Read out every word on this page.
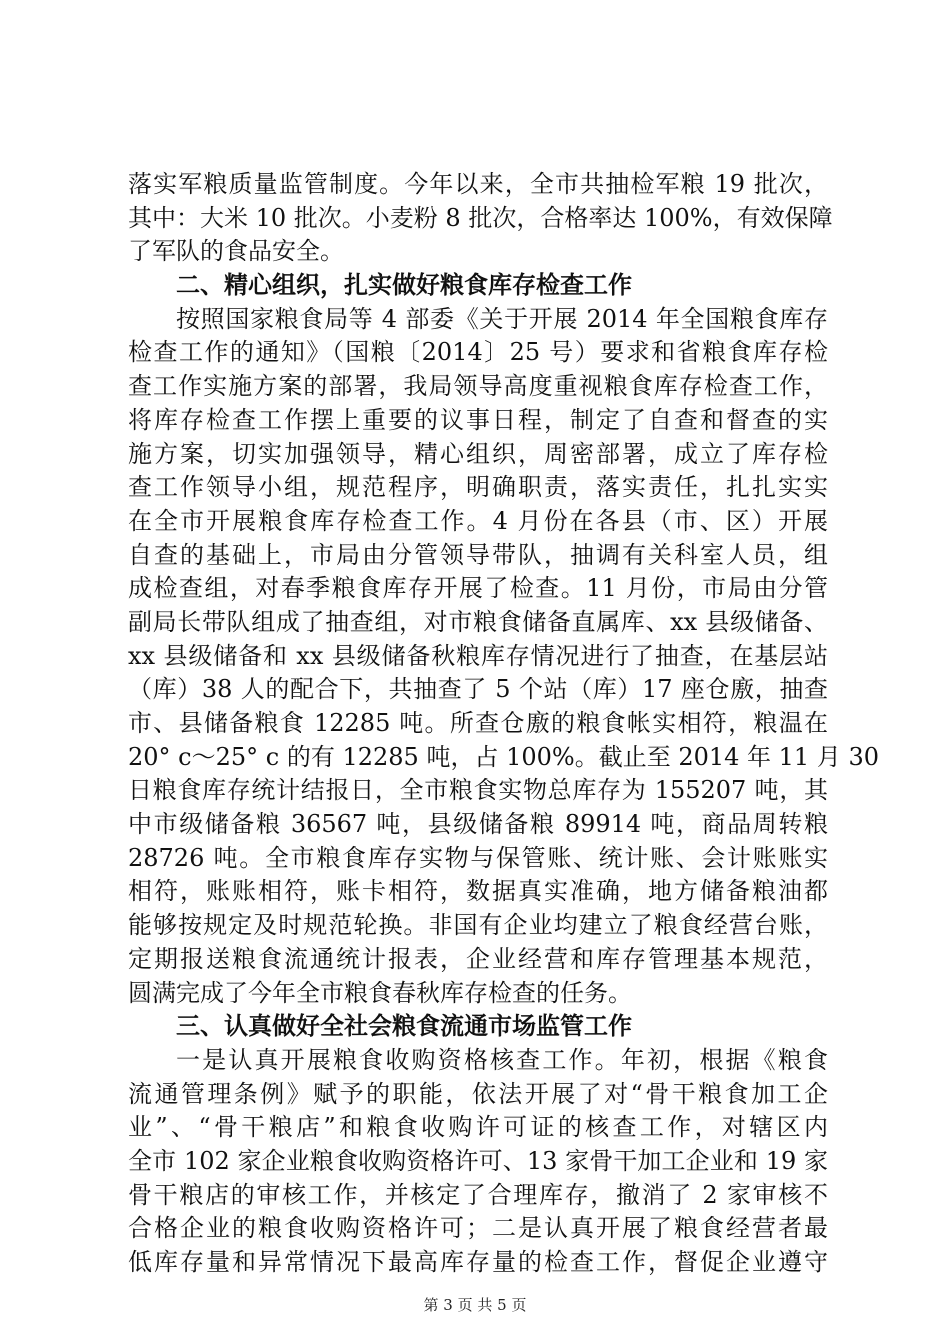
落实军粮质量监管制度。今年以来，全市共抽检军粮 19 批次，
其中：大米 10 批次。小麦粉 8 批次，合格率达 100%，有效保障
了军队的食品安全。
二、精心组织，扎实做好粮食库存检查工作
按照国家粮食局等 4 部委《关于开展 2014 年全国粮食库存
检查工作的通知》（国粮〔2014〕25 号）要求和省粮食库存检
查工作实施方案的部署，我局领导高度重视粮食库存检查工作，
将库存检查工作摆上重要的议事日程，制定了自查和督查的实
施方案，切实加强领导，精心组织，周密部署，成立了库存检
查工作领导小组，规范程序，明确职责，落实责任，扎扎实实
在全市开展粮食库存检查工作。4 月份在各县（市、区）开展
自查的基础上，市局由分管领导带队，抽调有关科室人员，组
成检查组，对春季粮食库存开展了检查。11 月份，市局由分管
副局长带队组成了抽查组，对市粮食储备直属库、xx 县级储备、
xx 县级储备和 xx 县级储备秋粮库存情况进行了抽查，在基层站
（库）38 人的配合下，共抽查了 5 个站（库）17 座仓廒，抽查
市、县储备粮食 12285 吨。所查仓廒的粮食帐实相符，粮温在
20° c～25° c 的有 12285 吨，占 100%。截止至 2014 年 11 月 30
日粮食库存统计结报日，全市粮食实物总库存为 155207 吨，其
中市级储备粮 36567 吨，县级储备粮 89914 吨，商品周转粮
28726 吨。全市粮食库存实物与保管账、统计账、会计账账实
相符，账账相符，账卡相符，数据真实准确，地方储备粮油都
能够按规定及时规范轮换。非国有企业均建立了粮食经营台账，
定期报送粮食流通统计报表，企业经营和库存管理基本规范，
圆满完成了今年全市粮食春秋库存检查的任务。
三、认真做好全社会粮食流通市场监管工作
一是认真开展粮食收购资格核查工作。年初，根据《粮食
流通管理条例》赋予的职能，依法开展了对“骨干粮食加工企
业”、“骨干粮店”和粮食收购许可证的核查工作，对辖区内
全市 102 家企业粮食收购资格许可、13 家骨干加工企业和 19 家
骨干粮店的审核工作，并核定了合理库存，撤消了 2 家审核不
合格企业的粮食收购资格许可；二是认真开展了粮食经营者最
低库存量和异常情况下最高库存量的检查工作，督促企业遵守
第 3 页 共 5 页
